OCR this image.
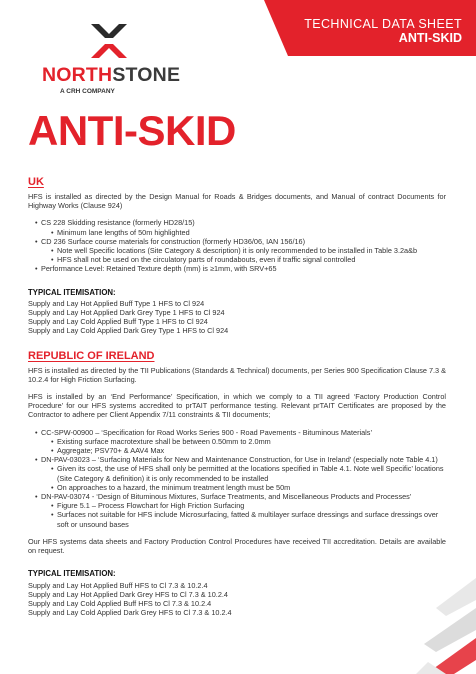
TECHNICAL DATA SHEET
ANTI-SKID
NORTHSTONE
A CRH COMPANY
ANTI-SKID
UK

HFS is installed as directed by the Design Manual for Roads & Bridges documents, and Manual of contract Documents for Highway Works (Clause 924)

• CS 228 Skidding resistance (formerly HD28/15)
• Minimum lane lengths of 50m highlighted
• CD 236 Surface course materials for construction (formerly HD36/06, IAN 156/16)
• Note well Specific locations (Site Category & description) it is only recommended to be installed in Table 3.2a&b
• HFS shall not be used on the circulatory parts of roundabouts, even if traffic signal controlled
• Performance Level: Retained Texture depth (mm) is ≥1mm, with SRV+65
TYPICAL ITEMISATION:

Supply and Lay Hot Applied Buff Type 1 HFS to Cl 924

Supply and Lay Hot Applied Dark Grey Type 1 HFS to Cl 924

Supply and Lay Cold Applied Buff Type 1 HFS to Cl 924

Supply and Lay Cold Applied Dark Grey Type 1 HFS to Cl 924

REPUBLIC OF IRELAND

HFS is installed as directed by the TII Publications (Standards & Technical) documents, per Series 900 Specification Clause 7.3 & 10.2.4 for High Friction Surfacing.

HFS is installed by an ‘End Performance’ Specification, in which we comply to a TII agreed ‘Factory Production Control Procedure’ for our HFS systems accredited to prTAIT performance testing. Relevant prTAIT Certificates are proposed by the Contractor to adhere per Client Appendix 7/11 constraints & TII documents;

• CC-SPW-00900 – ‘Specification for Road Works Series 900 - Road Pavements - Bituminous Materials’
• Existing surface macrotexture shall be between 0.50mm to 2.0mm
• Aggregate; PSV70+ & AAV4 Max
• DN-PAV-03023 – ‘Surfacing Materials for New and Maintenance Construction, for Use in Ireland’ (especially note Table 4.1)
• Given its cost, the use of HFS shall only be permitted at the locations specified in Table 4.1. Note well Specific’ locations (Site Category & definition) it is only recommended to be installed
• On approaches to a hazard, the minimum treatment length must be 50m
• DN-PAV-03074 - ‘Design of Bituminous Mixtures, Surface Treatments, and Miscellaneous Products and Processes’
• Figure 5.1 – Process Flowchart for High Friction Surfacing
• Surfaces not suitable for HFS include Microsurfacing, fatted & multilayer surface dressings and surface dressings over soft or unsound bases

Our HFS systems data sheets and Factory Production Control Procedures have received TII accreditation. Details are available on request.

TYPICAL ITEMISATION:

Supply and Lay Hot Applied Buff HFS to Cl 7.3 & 10.2.4

Supply and Lay Hot Applied Dark Grey HFS to Cl 7.3 & 10.2.4

Supply and Lay Cold Applied Buff HFS to Cl 7.3 & 10.2.4

Supply and Lay Cold Applied Dark Grey HFS to Cl 7.3 & 10.2.4
